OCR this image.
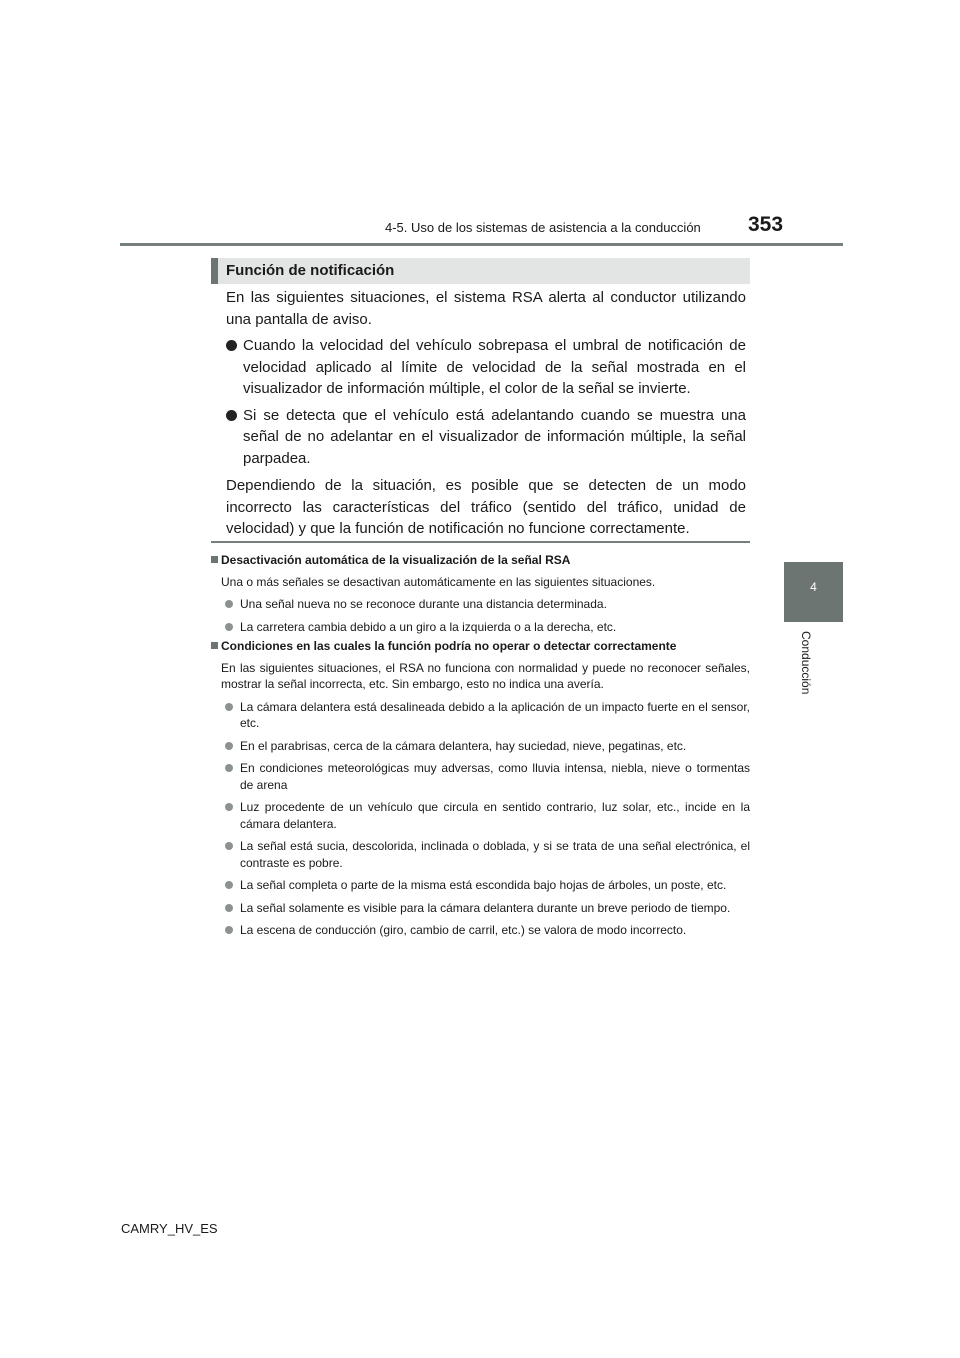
4-5. Uso de los sistemas de asistencia a la conducción 353
4
Conducción
Función de notificación

En las siguientes situaciones, el sistema RSA alerta al conductor utilizando una pantalla de aviso.

Cuando la velocidad del vehículo sobrepasa el umbral de notificación de velocidad aplicado al límite de velocidad de la señal mostrada en el visualizador de información múltiple, el color de la señal se invierte.
Si se detecta que el vehículo está adelantando cuando se muestra una señal de no adelantar en el visualizador de información múltiple, la señal parpadea.

Dependiendo de la situación, es posible que se detecten de un modo incorrecto las características del tráfico (sentido del tráfico, unidad de velocidad) y que la función de notificación no funcione correctamente.

Desactivación automática de la visualización de la señal RSA
Una o más señales se desactivan automáticamente en las siguientes situaciones.
Una señal nueva no se reconoce durante una distancia determinada.
La carretera cambia debido a un giro a la izquierda o a la derecha, etc.
Condiciones en las cuales la función podría no operar o detectar correctamente
En las siguientes situaciones, el RSA no funciona con normalidad y puede no reconocer señales, mostrar la señal incorrecta, etc. Sin embargo, esto no indica una avería.
La cámara delantera está desalineada debido a la aplicación de un impacto fuerte en el sensor, etc.
En el parabrisas, cerca de la cámara delantera, hay suciedad, nieve, pegatinas, etc.
En condiciones meteorológicas muy adversas, como lluvia intensa, niebla, nieve o tormentas de arena
Luz procedente de un vehículo que circula en sentido contrario, luz solar, etc., incide en la cámara delantera.
La señal está sucia, descolorida, inclinada o doblada, y si se trata de una señal electrónica, el contraste es pobre.
La señal completa o parte de la misma está escondida bajo hojas de árboles, un poste, etc.
La señal solamente es visible para la cámara delantera durante un breve periodo de tiempo.
La escena de conducción (giro, cambio de carril, etc.) se valora de modo incorrecto.
CAMRY_HV_ES
